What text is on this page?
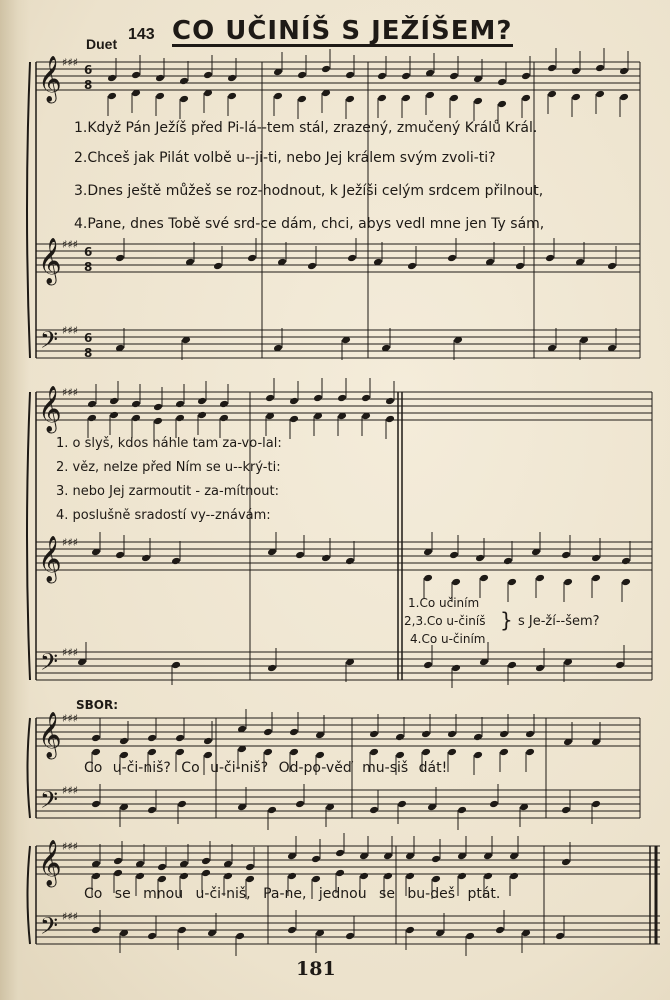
Duet
143 CO UČINÍŠ S JEŽÍŠEM?
𝄞
𝄞
𝄞
𝄞
𝄞
𝄞
𝄢
𝄢
𝄢
𝄢
♯♯♯
♯♯♯
♯♯♯
♯♯♯
♯♯♯
♯♯♯
♯♯♯
♯♯♯
♯♯♯
♯♯♯
6
8
6
8
6
8
1.Když Pán Ježíš před Pi-lá--tem stál, zrazený, zmučený Králů Král.
2.Chceš jak Pilát volbě u--ji-ti, nebo Jej králem svým zvoli-ti?
3.Dnes ještě můžeš se roz-hodnout, k Ježíši celým srdcem přilnout,
4.Pane, dnes Tobě své srd-ce dám, chci, abys vedl mne jen Ty sám,
1. o slyš, kdos náhle tam za-vo-lal:
2. věz, nelze před Ním se u--krý-ti:
3. nebo Jej zarmoutit - za-mítnout:
4. poslušně sradostí vy--znávám:
1.Co učiním
2,3.Co u-činíš
4.Co u-činím
} s Je-ží--šem?
SBOR:
Co u-či-niš? Co u-či-niš? Od-po-věď mu-siš dát!
Co se mnou u-či-niš, Pa-ne, jednou se bu-deš ptát.
181
